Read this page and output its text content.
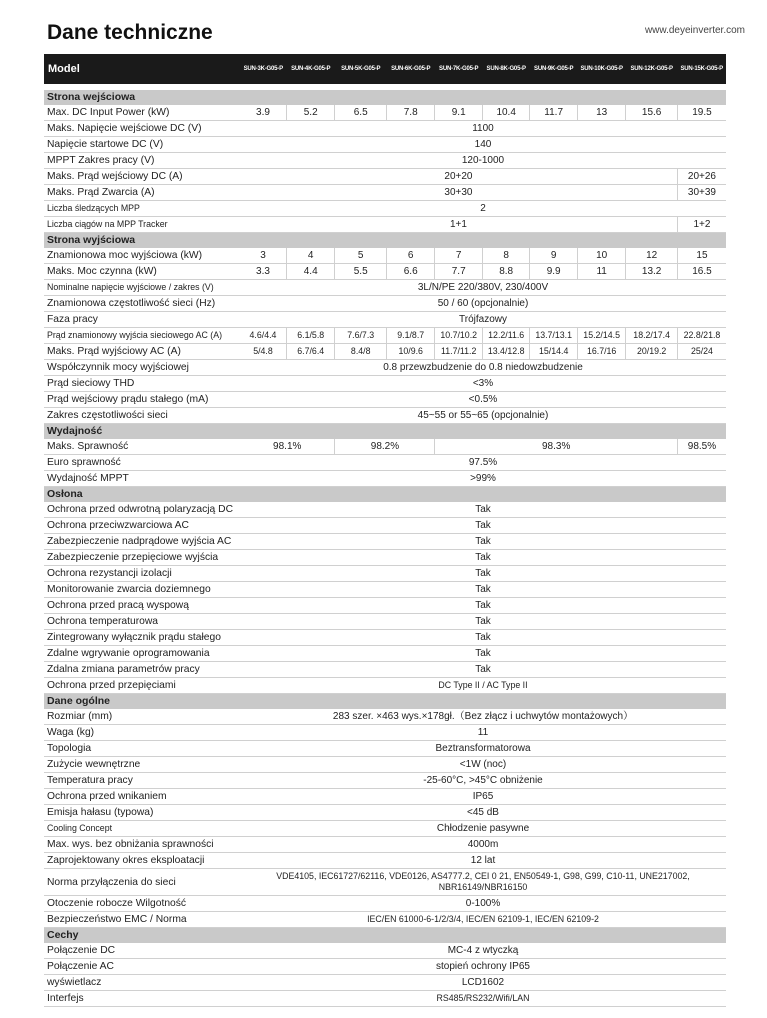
Dane techniczne	www.deyeinverter.com
Model		SUN-3K-G05-P	SUN-4K-G05-P	SUN-5K-G05-P	SUN-6K-G05-P	SUN-7K-G05-P	SUN-8K-G05-P	SUN-9K-G05-P	SUN-10K-G05-P	SUN-12K-G05-P	SUN-15K-G05-P

Strona wejściowa											
Max. DC Input Power (kW)		3.9	5.2	6.5	7.8	9.1	10.4	11.7	13	15.6	19.5
Maks. Napięcie wejściowe DC (V)		1100									
Napięcie startowe DC (V)		140									
MPPT Zakres pracy (V)		120-1000									
Maks. Prąd wejściowy DC (A)		20+20									20+26
Maks. Prąd Zwarcia (A)		30+30									30+39
Liczba śledzących MPP		2									
Liczba ciągów na MPP Tracker		1+1									1+2
Strona wyjściowa											
Znamionowa moc wyjściowa (kW)		3	4	5	6	7	8	9	10	12	15
Maks. Moc czynna (kW)		3.3	4.4	5.5	6.6	7.7	8.8	9.9	11	13.2	16.5
Nominalne napięcie wyjściowe / zakres (V)		3L/N/PE 220/380V, 230/400V									
Znamionowa częstotliwość sieci (Hz)		50 / 60 (opcjonalnie)									
Faza pracy		Trójfazowy									
Prąd znamionowy wyjścia sieciowego AC (A)		4.6/4.4	6.1/5.8	7.6/7.3	9.1/8.7	10.7/10.2	12.2/11.6	13.7/13.1	15.2/14.5	18.2/17.4	22.8/21.8
Maks. Prąd wyjściowy AC (A)		5/4.8	6.7/6.4	8.4/8	10/9.6	11.7/11.2	13.4/12.8	15/14.4	16.7/16	20/19.2	25/24
Współczynnik mocy wyjściowej		0.8 przewzbudzenie do 0.8 niedowzbudzenie									
Prąd sieciowy THD		<3%									
Prąd wejściowy prądu stałego (mA)		<0.5%									
Zakres częstotliwości sieci		45~55 or 55~65 (opcjonalnie)									
Wydajność											
Maks. Sprawność		98.1%		98.2%		98.3%					98.5%
Euro sprawność		97.5%									
Wydajność MPPT		>99%									
Osłona											
Ochrona przed odwrotną polaryzacją DC		Tak									
Ochrona przeciwzwarciowa AC		Tak									
Zabezpieczenie nadprądowe wyjścia AC		Tak									
Zabezpieczenie przepięciowe wyjścia		Tak									
Ochrona rezystancji izolacji		Tak									
Monitorowanie zwarcia doziemnego		Tak									
Ochrona przed pracą wyspową		Tak									
Ochrona temperaturowa		Tak									
Zintegrowany wyłącznik prądu stałego		Tak									
Zdalne wgrywanie oprogramowania		Tak									
Zdalna zmiana parametrów pracy		Tak									
Ochrona przed przepięciami		DC Type II / AC Type II									
Dane ogólne											
Rozmiar (mm)		283 szer. ×463 wys.×178gł.（Bez złącz i uchwytów montażowych）									
Waga (kg)		11									
Topologia		Beztransformatorowa									
Zużycie wewnętrzne		<1W (noc)									
Temperatura pracy		-25-60°C, >45°C obniżenie									
Ochrona przed wnikaniem		IP65									
Emisja hałasu (typowa)		<45 dB									
Cooling Concept		Chłodzenie pasywne									
Max. wys. bez obniżania sprawności		4000m									
Zaprojektowany okres eksploatacji		12 lat									
Norma przyłączenia do sieci		VDE4105, IEC61727/62116, VDE0126, AS4777.2, CEI 0 21, EN50549-1, G98, G99, C10-11, UNE217002, NBR16149/NBR16150									
Otoczenie robocze Wilgotność		0-100%									
Bezpieczeństwo EMC / Norma		IEC/EN 61000-6-1/2/3/4, IEC/EN 62109-1, IEC/EN 62109-2									
Cechy											
Połączenie DC		MC-4 z wtyczką									
Połączenie AC		stopień ochrony IP65									
wyświetlacz		LCD1602									
Interfejs		RS485/RS232/Wifi/LAN									
